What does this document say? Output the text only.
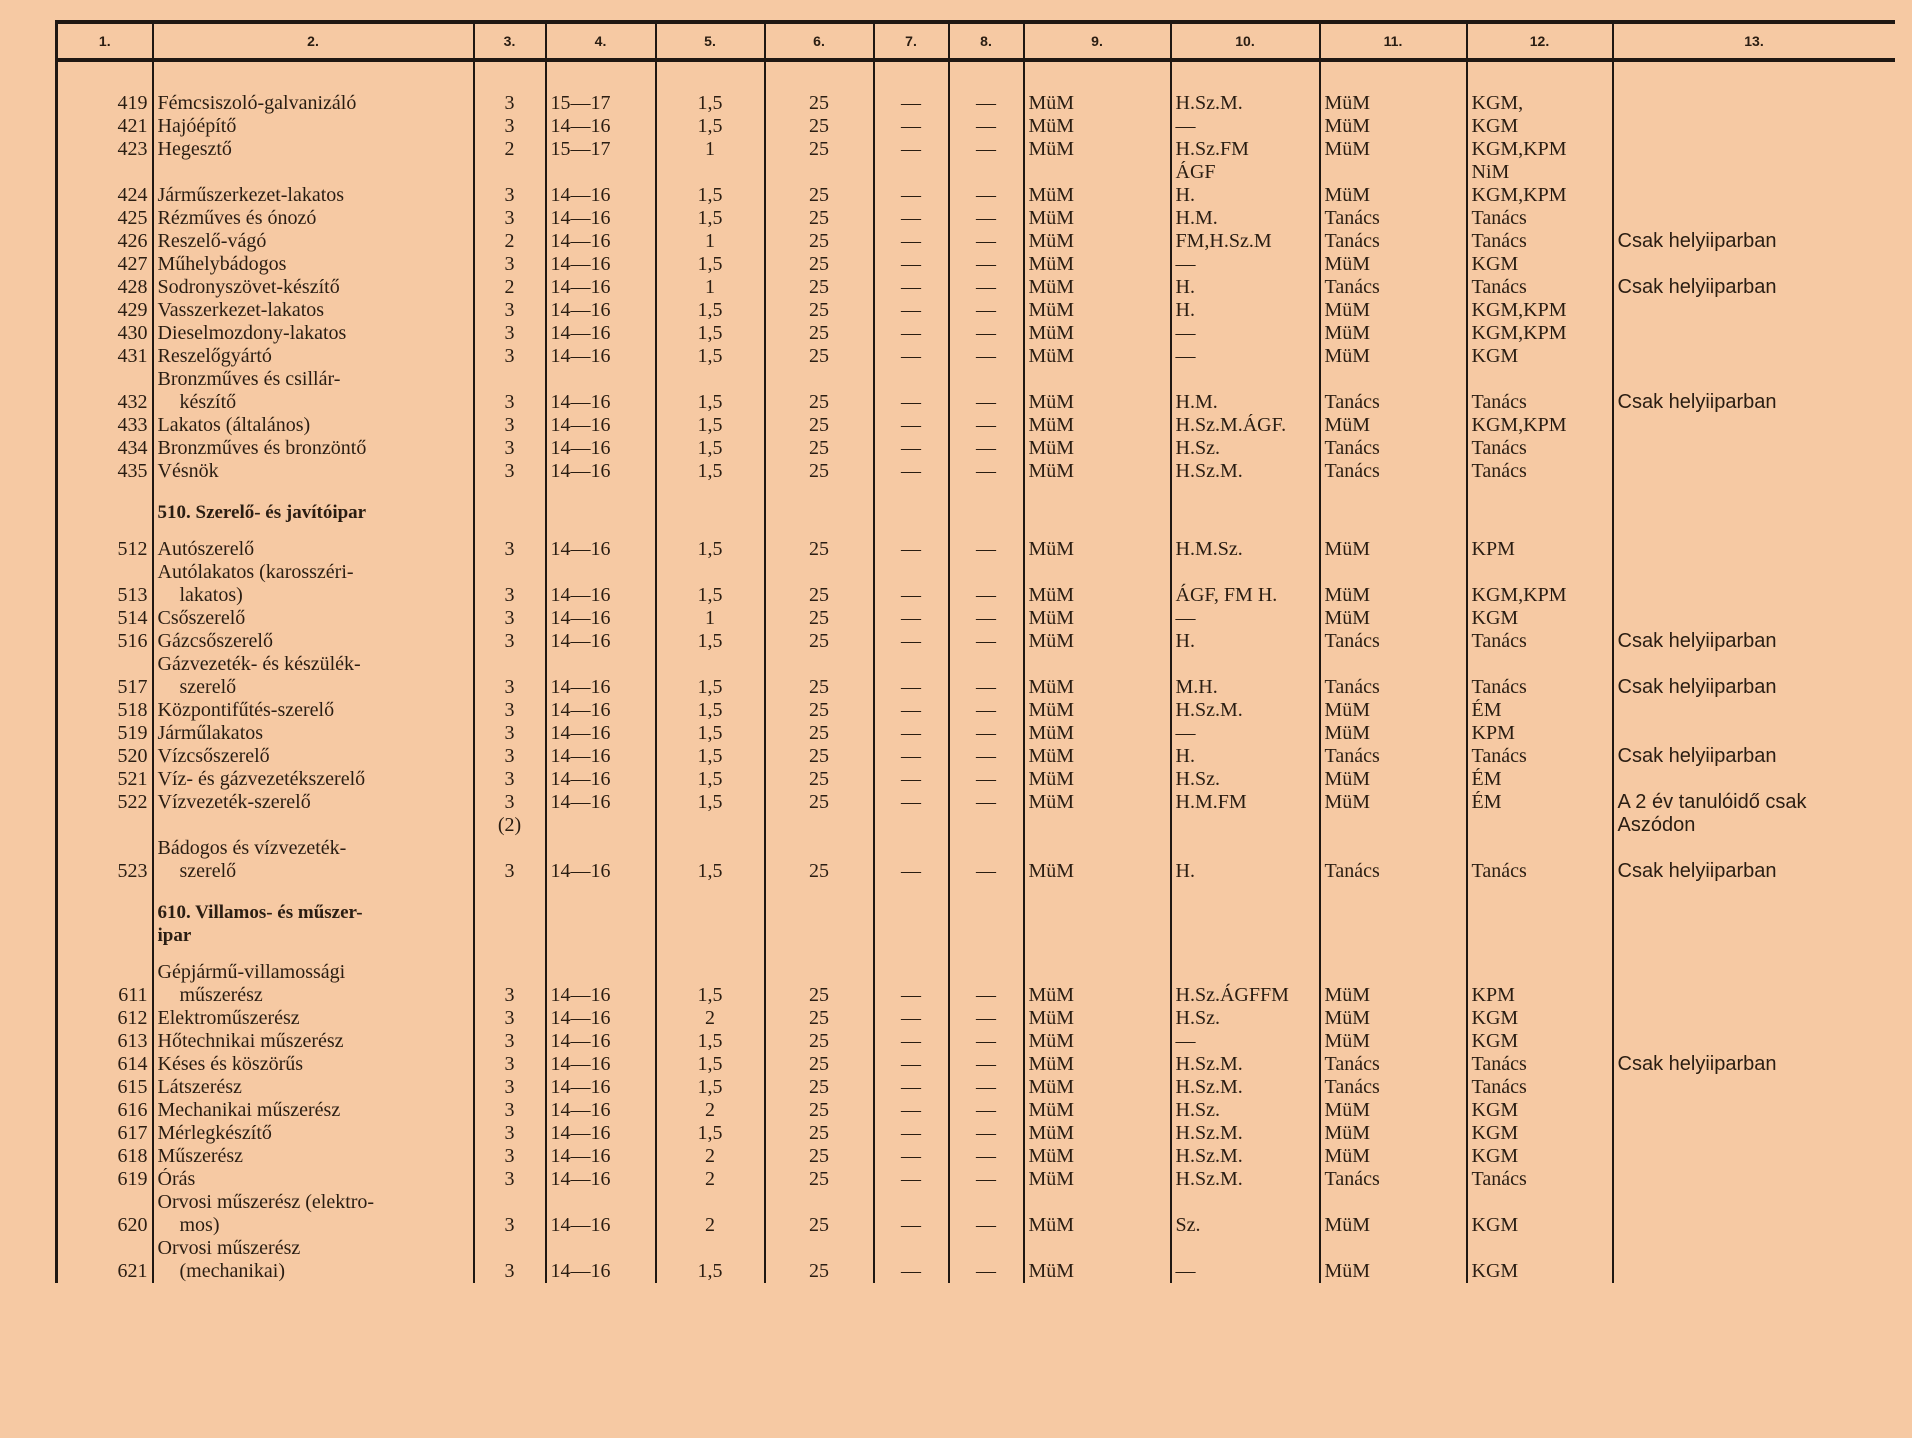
1.	2.	3.	4.	5.	6.	7.	8.	9.	10.	11.	12.	13.
419	Fémcsiszoló-galvanizáló	3	15—17	1,5	25	—	—	MüM	H.Sz.M.	MüM	KGM,	
421	Hajóépítő	3	14—16	1,5	25	—	—	MüM	—	MüM	KGM	
423	Hegesztő	2	15—17	1	25	—	—	MüM	H.Sz.FM	MüM	KGM,KPM	

								ÁGF		NiM	
424	Járműszerkezet-lakatos	3	14—16	1,5	25	—	—	MüM	H.	MüM	KGM,KPM	
425	Rézműves és ónozó	3	14—16	1,5	25	—	—	MüM	H.M.	Tanács	Tanács	
426	Reszelő-vágó	2	14—16	1	25	—	—	MüM	FM,H.Sz.M	Tanács	Tanács	Csak helyiiparban
427	Műhelybádogos	3	14—16	1,5	25	—	—	MüM	—	MüM	KGM	
428	Sodronyszövet-készítő	2	14—16	1	25	—	—	MüM	H.	Tanács	Tanács	Csak helyiiparban
429	Vasszerkezet-lakatos	3	14—16	1,5	25	—	—	MüM	H.	MüM	KGM,KPM	
430	Dieselmozdony-lakatos	3	14—16	1,5	25	—	—	MüM	—	MüM	KGM,KPM	
431	Reszelőgyártó	3	14—16	1,5	25	—	—	MüM	—	MüM	KGM	
432	Bronzműves és csillár-
készítő	3	14—16	1,5	25	—	—	MüM	H.M.	Tanács	Tanács	Csak helyiiparban
433	Lakatos (általános)	3	14—16	1,5	25	—	—	MüM	H.Sz.M.ÁGF.	MüM	KGM,KPM	
434	Bronzműves és bronzöntő	3	14—16	1,5	25	—	—	MüM	H.Sz.	Tanács	Tanács	
435	Vésnök	3	14—16	1,5	25	—	—	MüM	H.Sz.M.	Tanács	Tanács	

	510. Szerelő- és javítóipar											

512	Autószerelő	3	14—16	1,5	25	—	—	MüM	H.M.Sz.	MüM	KPM	
513	Autólakatos (karosszéri-
lakatos)	3	14—16	1,5	25	—	—	MüM	ÁGF, FM H.	MüM	KGM,KPM	
514	Csőszerelő	3	14—16	1	25	—	—	MüM	—	MüM	KGM	
516	Gázcsőszerelő	3	14—16	1,5	25	—	—	MüM	H.	Tanács	Tanács	Csak helyiiparban
517	Gázvezeték- és készülék-
szerelő	3	14—16	1,5	25	—	—	MüM	M.H.	Tanács	Tanács	Csak helyiiparban
518	Központifűtés-szerelő	3	14—16	1,5	25	—	—	MüM	H.Sz.M.	MüM	ÉM	
519	Járműlakatos	3	14—16	1,5	25	—	—	MüM	—	MüM	KPM	
520	Vízcsőszerelő	3	14—16	1,5	25	—	—	MüM	H.	Tanács	Tanács	Csak helyiiparban
521	Víz- és gázvezetékszerelő	3	14—16	1,5	25	—	—	MüM	H.Sz.	MüM	ÉM	
522	Vízvezeték-szerelő	3	14—16	1,5	25	—	—	MüM	H.M.FM	MüM	ÉM	A 2 év tanulóidő csak

	(2)										Aszódon
523	Bádogos és vízvezeték-
szerelő	3	14—16	1,5	25	—	—	MüM	H.	Tanács	Tanács	Csak helyiiparban

	610. Villamos- és műszer-
ipar											

611	Gépjármű-villamossági
műszerész	3	14—16	1,5	25	—	—	MüM	H.Sz.ÁGFFM	MüM	KPM	
612	Elektroműszerész	3	14—16	2	25	—	—	MüM	H.Sz.	MüM	KGM	
613	Hőtechnikai műszerész	3	14—16	1,5	25	—	—	MüM	—	MüM	KGM	
614	Késes és köszörűs	3	14—16	1,5	25	—	—	MüM	H.Sz.M.	Tanács	Tanács	Csak helyiiparban
615	Látszerész	3	14—16	1,5	25	—	—	MüM	H.Sz.M.	Tanács	Tanács	
616	Mechanikai műszerész	3	14—16	2	25	—	—	MüM	H.Sz.	MüM	KGM	
617	Mérlegkészítő	3	14—16	1,5	25	—	—	MüM	H.Sz.M.	MüM	KGM	
618	Műszerész	3	14—16	2	25	—	—	MüM	H.Sz.M.	MüM	KGM	
619	Órás	3	14—16	2	25	—	—	MüM	H.Sz.M.	Tanács	Tanács	
620	Orvosi műszerész (elektro-
mos)	3	14—16	2	25	—	—	MüM	Sz.	MüM	KGM	
621	Orvosi műszerész
(mechanikai)	3	14—16	1,5	25	—	—	MüM	—	MüM	KGM	
